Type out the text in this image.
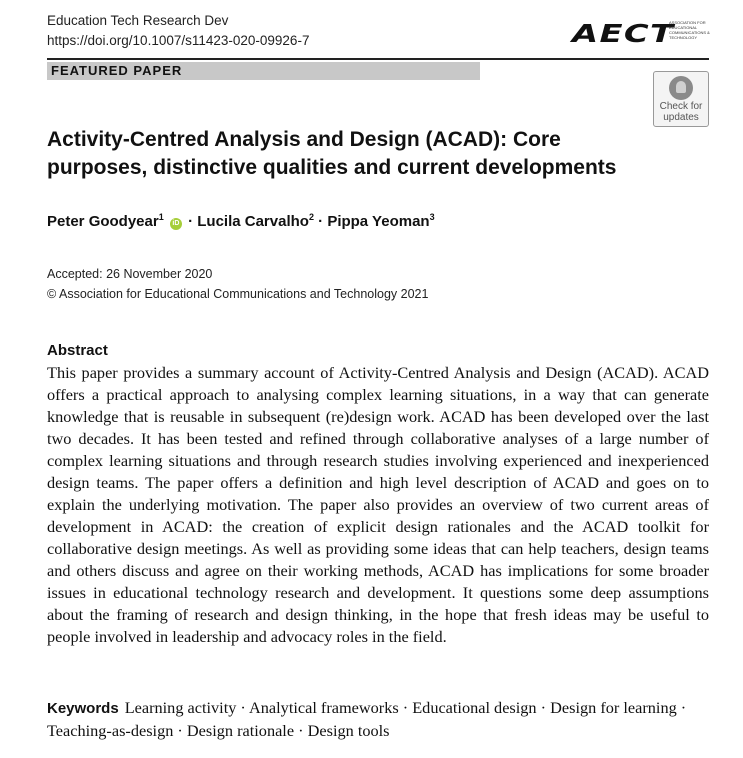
Education Tech Research Dev
https://doi.org/10.1007/s11423-020-09926-7	AECT
ASSOCIATION FOR EDUCATIONAL COMMUNICATIONS & TECHNOLOGY
FEATURED PAPER
Check for
updates
Activity-Centred Analysis and Design (ACAD): Core purposes, distinctive qualities and current developments
Peter Goodyear$^1$ iD · Lucila Carvalho$^2$ · Pippa Yeoman$^3$
Accepted: 26 November 2020
© Association for Educational Communications and Technology 2021
Abstract

This paper provides a summary account of Activity-Centred Analysis and Design (ACAD). ACAD offers a practical approach to analysing complex learning situations, in a way that can generate knowledge that is reusable in subsequent (re)design work. ACAD has been developed over the last two decades. It has been tested and refined through collaborative analyses of a large number of complex learning situations and through research studies involving experienced and inexperienced design teams. The paper offers a definition and high level description of ACAD and goes on to explain the underlying motivation. The paper also provides an overview of two current areas of development in ACAD: the creation of explicit design rationales and the ACAD toolkit for collaborative design meetings. As well as providing some ideas that can help teachers, design teams and others discuss and agree on their working methods, ACAD has implications for some broader issues in educational technology research and development. It questions some deep assumptions about the framing of research and design thinking, in the hope that fresh ideas may be useful to people involved in leadership and advocacy roles in the field.

Keywords Learning activity · Analytical frameworks · Educational design · Design for learning · Teaching-as-design · Design rationale · Design tools
